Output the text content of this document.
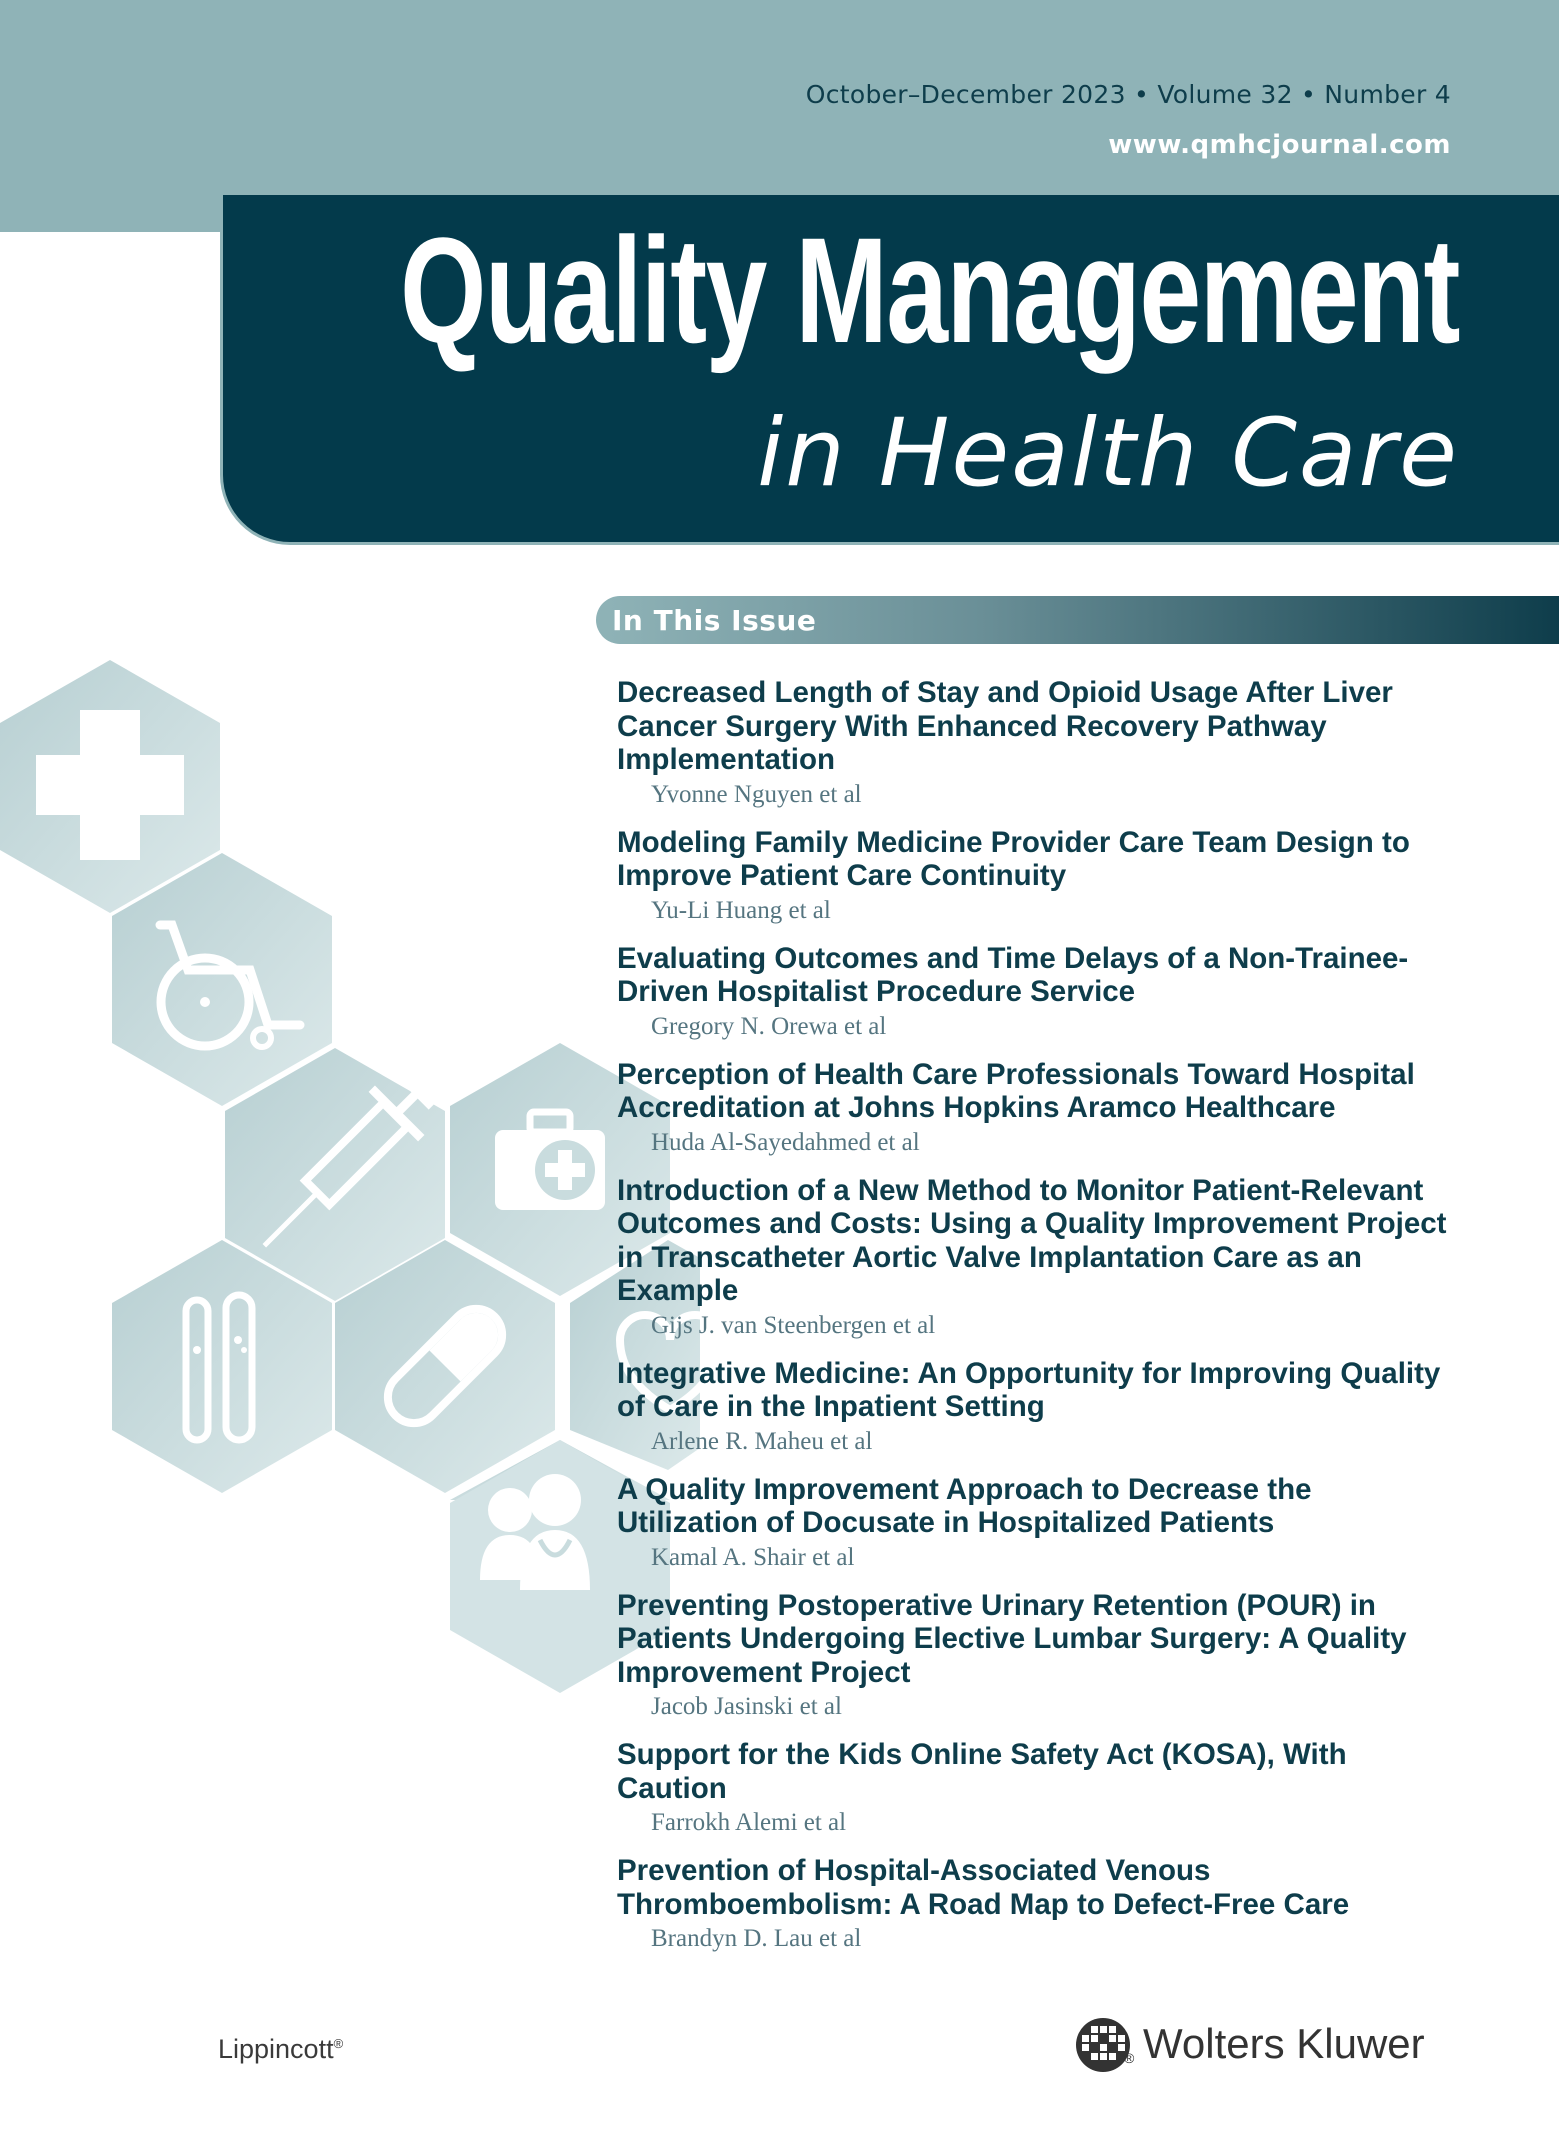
October–December 2023 • Volume 32 • Number 4
www.qmhcjournal.com
Quality Management
in Health Care
In This Issue
Decreased Length of Stay and Opioid Usage After Liver Cancer Surgery With Enhanced Recovery Pathway Implementation
Yvonne Nguyen et al
Modeling Family Medicine Provider Care Team Design to Improve Patient Care Continuity
Yu-Li Huang et al
Evaluating Outcomes and Time Delays of a Non-Trainee-Driven Hospitalist Procedure Service
Gregory N. Orewa et al
Perception of Health Care Professionals Toward Hospital Accreditation at Johns Hopkins Aramco Healthcare
Huda Al-Sayedahmed et al
Introduction of a New Method to Monitor Patient-Relevant Outcomes and Costs: Using a Quality Improvement Project in Transcatheter Aortic Valve Implantation Care as an Example
Gijs J. van Steenbergen et al
Integrative Medicine: An Opportunity for Improving Quality of Care in the Inpatient Setting
Arlene R. Maheu et al
A Quality Improvement Approach to Decrease the Utilization of Docusate in Hospitalized Patients
Kamal A. Shair et al
Preventing Postoperative Urinary Retention (POUR) in Patients Undergoing Elective Lumbar Surgery: A Quality Improvement Project
Jacob Jasinski et al
Support for the Kids Online Safety Act (KOSA), With Caution
Farrokh Alemi et al
Prevention of Hospital-Associated Venous Thromboembolism: A Road Map to Defect-Free Care
Brandyn D. Lau et al
Lippincott®
® Wolters Kluwer
